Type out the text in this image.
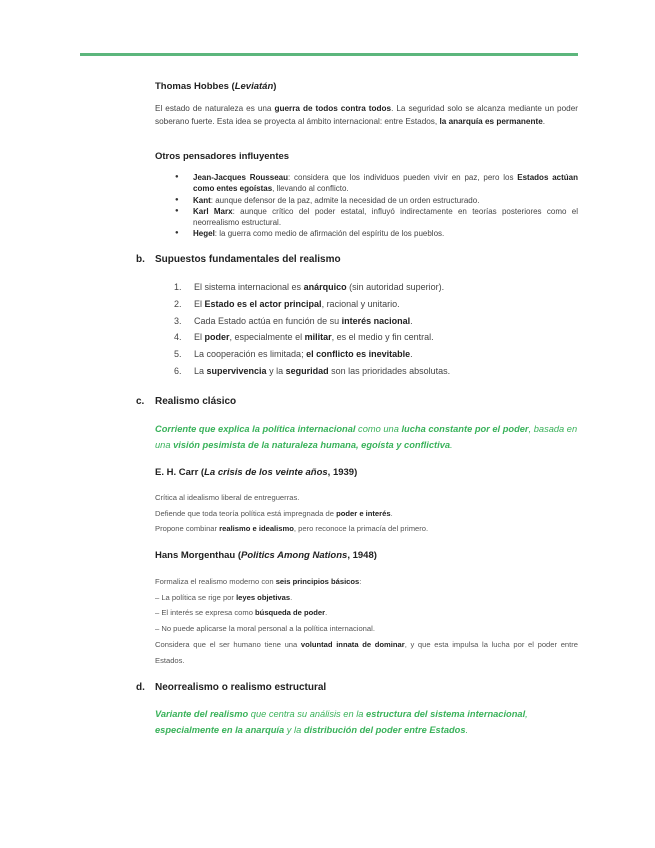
Thomas Hobbes (Leviatán)
El estado de naturaleza es una guerra de todos contra todos. La seguridad solo se alcanza mediante un poder soberano fuerte. Esta idea se proyecta al ámbito internacional: entre Estados, la anarquía es permanente.
Otros pensadores influyentes
● Jean-Jacques Rousseau: considera que los individuos pueden vivir en paz, pero los Estados actúan como entes egoístas, llevando al conflicto.
● Kant: aunque defensor de la paz, admite la necesidad de un orden estructurado.
● Karl Marx: aunque crítico del poder estatal, influyó indirectamente en teorías posteriores como el neorrealismo estructural.
● Hegel: la guerra como medio de afirmación del espíritu de los pueblos.
b. Supuestos fundamentales del realismo
1. El sistema internacional es anárquico (sin autoridad superior).
2. El Estado es el actor principal, racional y unitario.
3. Cada Estado actúa en función de su interés nacional.
4. El poder, especialmente el militar, es el medio y fin central.
5. La cooperación es limitada; el conflicto es inevitable.
6. La supervivencia y la seguridad son las prioridades absolutas.
c. Realismo clásico
Corriente que explica la política internacional como una lucha constante por el poder, basada en una visión pesimista de la naturaleza humana, egoísta y conflictiva.
E. H. Carr (La crisis de los veinte años, 1939)
Crítica al idealismo liberal de entreguerras.
Defiende que toda teoría política está impregnada de poder e interés.
Propone combinar realismo e idealismo, pero reconoce la primacía del primero.
Hans Morgenthau (Politics Among Nations, 1948)
Formaliza el realismo moderno con seis principios básicos:
– La política se rige por leyes objetivas.
– El interés se expresa como búsqueda de poder.
– No puede aplicarse la moral personal a la política internacional.
Considera que el ser humano tiene una voluntad innata de dominar, y que esta impulsa la lucha por el poder entre Estados.
d. Neorrealismo o realismo estructural
Variante del realismo que centra su análisis en la estructura del sistema internacional, especialmente en la anarquía y la distribución del poder entre Estados.
